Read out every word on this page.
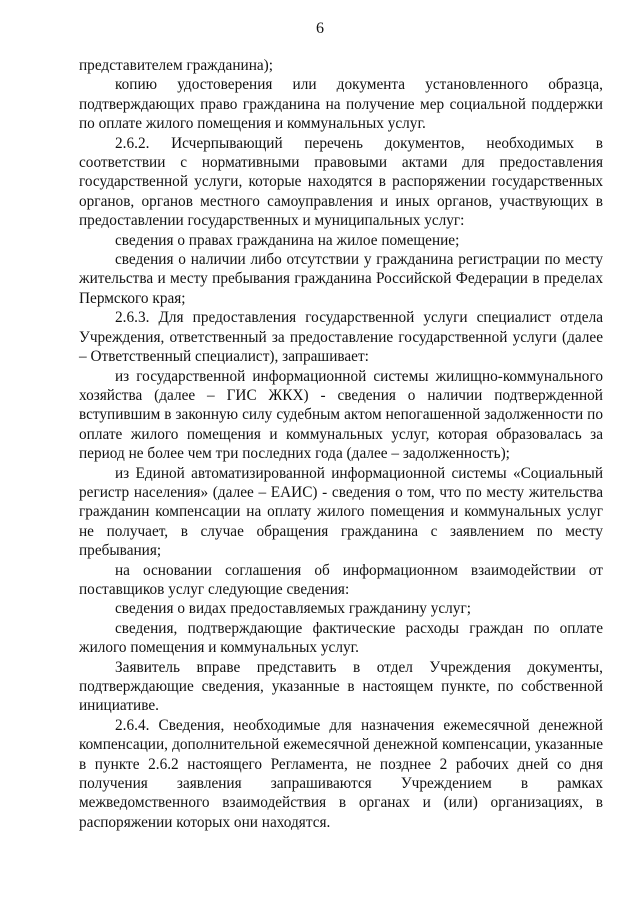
6

представителем гражданина);

копию удостоверения или документа установленного образца, подтверждающих право гражданина на получение мер социальной поддержки по оплате жилого помещения и коммунальных услуг.

2.6.2. Исчерпывающий перечень документов, необходимых в соответствии с нормативными правовыми актами для предоставления государственной услуги, которые находятся в распоряжении государственных органов, органов местного самоуправления и иных органов, участвующих в предоставлении государственных и муниципальных услуг:

сведения о правах гражданина на жилое помещение;

сведения о наличии либо отсутствии у гражданина регистрации по месту жительства и месту пребывания гражданина Российской Федерации в пределах Пермского края;

2.6.3. Для предоставления государственной услуги специалист отдела Учреждения, ответственный за предоставление государственной услуги (далее – Ответственный специалист), запрашивает:

из государственной информационной системы жилищно-коммунального хозяйства (далее – ГИС ЖКХ) - сведения о наличии подтвержденной вступившим в законную силу судебным актом непогашенной задолженности по оплате жилого помещения и коммунальных услуг, которая образовалась за период не более чем три последних года (далее – задолженность);

из Единой автоматизированной информационной системы «Социальный регистр населения» (далее – ЕАИС) - сведения о том, что по месту жительства гражданин компенсации на оплату жилого помещения и коммунальных услуг не получает, в случае обращения гражданина с заявлением по месту пребывания;

на основании соглашения об информационном взаимодействии от поставщиков услуг следующие сведения:

сведения о видах предоставляемых гражданину услуг;

сведения, подтверждающие фактические расходы граждан по оплате жилого помещения и коммунальных услуг.

Заявитель вправе представить в отдел Учреждения документы, подтверждающие сведения, указанные в настоящем пункте, по собственной инициативе.

2.6.4. Сведения, необходимые для назначения ежемесячной денежной компенсации, дополнительной ежемесячной денежной компенсации, указанные в пункте 2.6.2 настоящего Регламента, не позднее 2 рабочих дней со дня получения заявления запрашиваются Учреждением в рамках межведомственного взаимодействия в органах и (или) организациях, в распоряжении которых они находятся.
